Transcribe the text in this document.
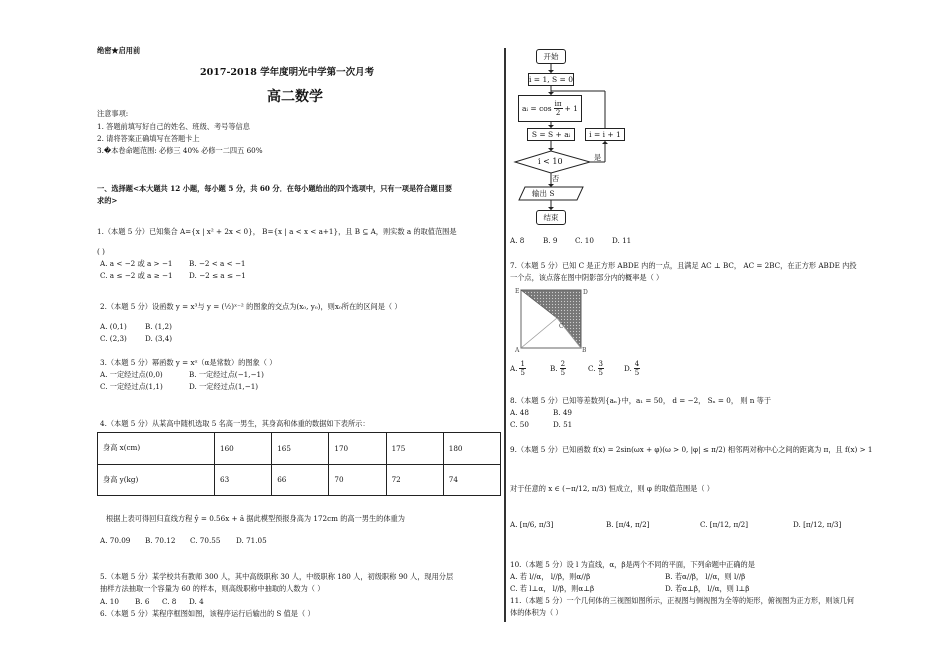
绝密★启用前
2017-2018 学年度明光中学第一次月考
高二数学
注意事项:
1. 答题前填写好自己的姓名、班级、考号等信息
2. 请将答案正确填写在答题卡上
3.�本卷命题范围: 必修三 40% 必修一二四五 60%
一、选择题<本大题共 12 小题，每小题 5 分，共 60 分．在每小题给出的四个选项中，只有一项是符合题目要
求的>
1.（本题 5 分）已知集合 A={x | x² + 2x < 0}， B={x | a < x < a+1}，且 B ⊆ A，则实数 a 的取值范围是
( )
A. a < −2 或 a > −1 B. −2 < a < −1
C. a ≤ −2 或 a ≥ −1 D. −2 ≤ a ≤ −1
2.（本题 5 分）设函数 y = x³与 y = (½)ˣ⁻² 的图象的交点为(x₀, y₀)，则x₀所在的区间是（ ）
A. (0,1)	B. (1,2)
C. (2,3)	D. (3,4)
3.（本题 5 分）幂函数 y = xᵅ（α是常数）的图象（ ）
A. 一定经过点(0,0)	B. 一定经过点(−1,−1)
C. 一定经过点(1,1)	D. 一定经过点(1,−1)
4.（本题 5 分）从某高中随机选取 5 名高一男生，其身高和体重的数据如下表所示：
身高 x(cm)	160	165	170	175	180
身高 y(kg)	63	66	70	72	74
根据上表可得回归直线方程 ŷ = 0.56x + â 据此模型预报身高为 172cm 的高一男生的体重为
A. 70.09 B. 70.12 C. 70.55 D. 71.05
5.（本题 5 分）某学校共有教师 300 人，其中高级职称 30 人，中级职称 180 人，初级职称 90 人，现用分层
抽样方法抽取一个容量为 60 的样本，则高级职称中抽取的人数为（ ）
A. 10 B. 6 C. 8 D. 4
6.（本题 5 分）某程序框图如图，该程序运行后输出的 S 值是（ ）
开始
i = 1, S = 0
aᵢ = $\cos \frac{i\pi}{2} + 1$
S = S + aᵢ	i = i + 1
i < 10	是
否
输出 S
结束
A. 8	B. 9 C. 10	D. 11
7.（本题 5 分）已知 C 是正方形 ABDE 内的一点，且满足 AC ⊥ BC， AC = 2BC，在正方形 ABDE 内投
一个点，该点落在图中阴影部分内的概率是（ ）
E	D
C
A	B
A. $\frac{1}{5}$	B. $\frac{2}{5}$	C. $\frac{3}{5}$	D. $\frac{4}{5}$
8.（本题 5 分）已知等差数列{aₙ}中，a₁ = 50， d = −2， Sₙ = 0， 则 n 等于
A. 48	B. 49
C. 50	D. 51
9.（本题 5 分）已知函数 f(x) = 2sin(ωx + φ)(ω > 0, |φ| ≤ π/2) 相邻两对称中心之间的距离为 π，且 f(x) > 1
对于任意的 x ∈ (−π/12, π/3) 恒成立，则 φ 的取值范围是（ ）
A. [π/6, π/3]	B. [π/4, π/2]	C. [π/12, π/2]	D. [π/12, π/3]
10.（本题 5 分）设 l 为直线，α，β是两个不同的平面，下列命题中正确的是
A. 若 l//α， l//β，则α//β	B. 若α//β， l//α，则 l//β
C. 若 l⊥α， l//β，则α⊥β	D. 若α⊥β， l//α，则 l⊥β
11.（本题 5 分）一个几何体的三视图如图所示，正视图与侧视图为全等的矩形，俯视图为正方形，则该几何
体的体积为（ ）
